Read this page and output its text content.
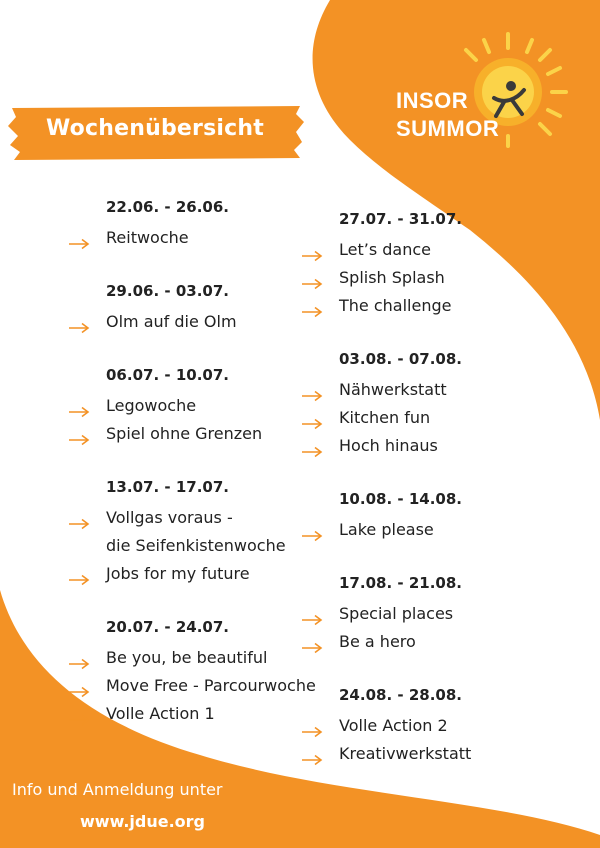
Wochenübersicht
INSOR
SUMMOR
22.06. - 26.06.
Reitwoche
29.06. - 03.07.
Olm auf die Olm
06.07. - 10.07.
Legowoche
Spiel ohne Grenzen
13.07. - 17.07.
Vollgas voraus -
die Seifenkistenwoche
Jobs for my future
20.07. - 24.07.
Be you, be beautiful
Move Free - Parcourwoche
Volle Action 1
27.07. - 31.07.
Let’s dance
Splish Splash
The challenge
03.08. - 07.08.
Nähwerkstatt
Kitchen fun
Hoch hinaus
10.08. - 14.08.
Lake please
17.08. - 21.08.
Special places
Be a hero
24.08. - 28.08.
Volle Action 2
Kreativwerkstatt
Info und Anmeldung unter
www.jdue.org
